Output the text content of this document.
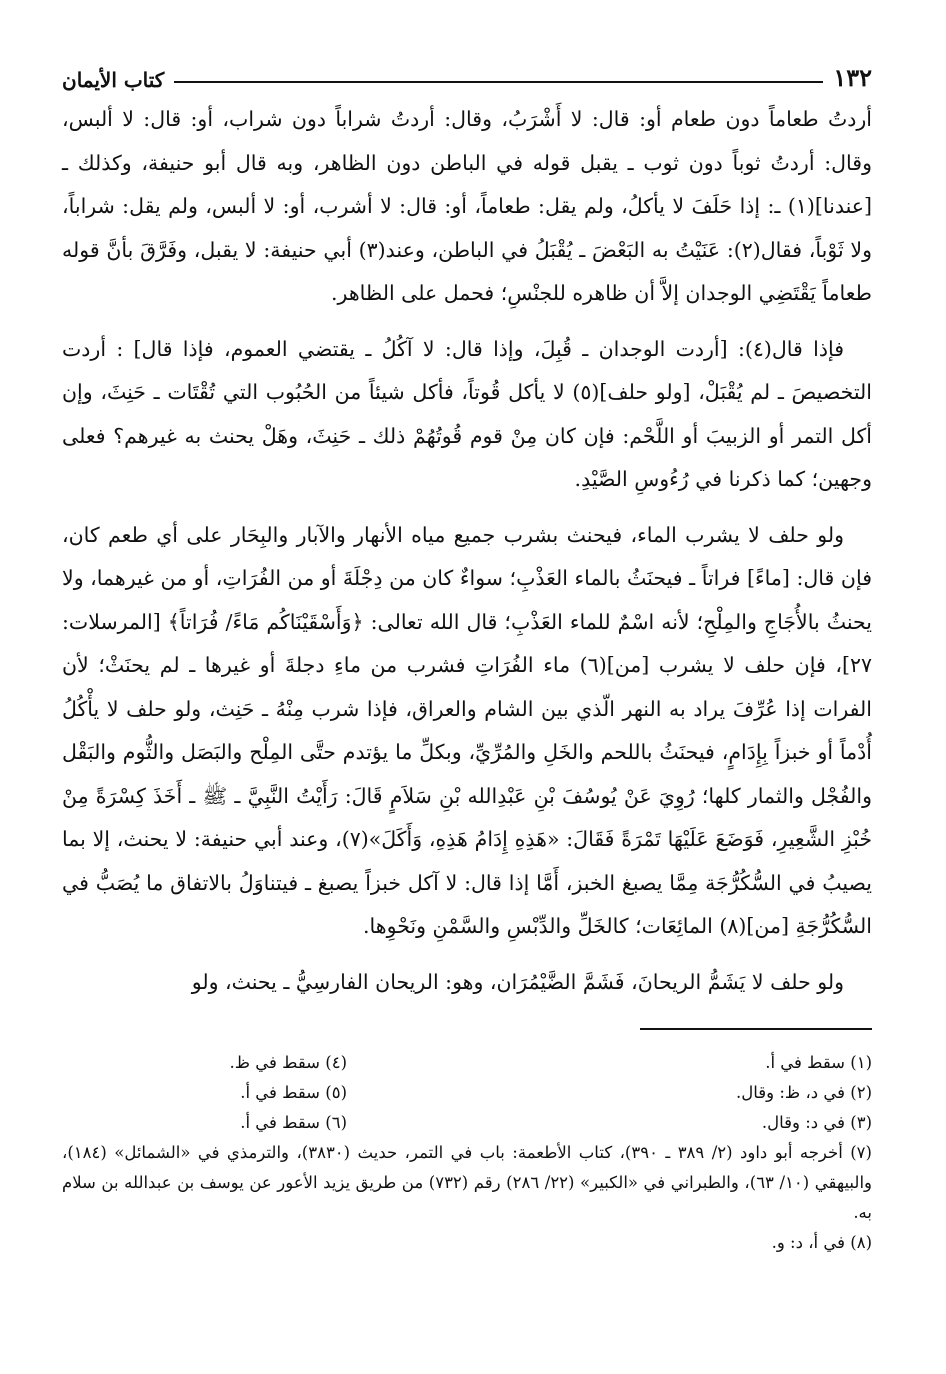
١٣٢
كتاب الأيمان

أردتُ طعاماً دون طعام أو: قال: لا أَشْرَبُ، وقال: أردتُ شراباً دون شراب، أو: قال: لا ألبس، وقال: أردتُ ثوباً دون ثوب ـ يقبل قوله في الباطن دون الظاهر، وبه قال أبو حنيفة، وكذلك ـ [عندنا](١) ـ: إذا حَلَفَ لا يأكلُ، ولم يقل: طعاماً، أو: قال: لا أشرب، أو: لا ألبس، ولم يقل: شراباً، ولا ثَوْباً، فقال(٢): عَنَيْتُ به البَعْضَ ـ يُقْبَلُ في الباطن، وعند(٣) أبي حنيفة: لا يقبل، وفَرَّقَ بأنَّ قوله طعاماً يَقْتَضِي الوجدان إلاَّ أن ظاهره للجنْسِ؛ فحمل على الظاهر.

فإذا قال(٤): [أردت الوجدان ـ قُبِلَ، وإذا قال: لا آكُلُ ـ يقتضي العموم، فإذا قال] : أردت التخصيصَ ـ لم يُقْبَلْ، [ولو حلف](٥) لا يأكل قُوتاً، فأكل شيئاً من الحُبُوب التي تُقْتَات ـ حَنِثَ، وإن أكل التمر أو الزبيبَ أو اللَّحْم: فإن كان مِنْ قوم قُوتُهُمْ ذلك ـ حَنِثَ، وهَلْ يحنث به غيرهم؟ فعلى وجهين؛ كما ذكرنا في رُءُوسِ الصَّيْدِ.

ولو حلف لا يشرب الماء، فيحنث بشرب جميع مياه الأنهار والآبار والبِحَار على أي طعم كان، فإن قال: [ماءً] فراتاً ـ فيحنَثُ بالماء العَذْبِ؛ سواءٌ كان من دِجْلَةَ أو من الفُرَاتِ، أو من غيرهما، ولا يحنثُ بالأُجَاجِ والمِلْحِ؛ لأنه اسْمٌ للماء العَذْبِ؛ قال الله تعالى: ﴿وَأَسْقَيْنَاكُم مَاءً/ فُرَاتاً﴾ [المرسلات: ٢٧]، فإن حلف لا يشرب [من](٦) ماء الفُرَاتِ فشرب من ماءِ دجلةَ أو غيرها ـ لم يحنَثْ؛ لأن الفرات إذا عُرِّفَ يراد به النهر الّذي بين الشام والعراق، فإذا شرب مِنْهُ ـ حَنِث، ولو حلف لا يأْكُلُ أُدْماً أو خبزاً بِإِدَامٍ، فيحنَثُ باللحم والخَلِ والمُرِّيِّ، وبكلِّ ما يؤتدم حتَّى المِلْح والبَصَل والثُّوم والبَقْل والفُجْل والثمار كلها؛ رُوِيَ عَنْ يُوسُفَ بْنِ عَبْدِالله بْنِ سَلاَمٍ قَالَ: رَأَيْتُ النَّبِيَّ ـ ﷺ ـ أَخَذَ كِسْرَةً مِنْ خُبْزِ الشَّعِيرِ، فَوَضَعَ عَلَيْهَا تَمْرَةً فَقَالَ: «هَذِهِ إِدَامُ هَذِهِ، وَأَكَلَ»(٧)، وعند أبي حنيفة: لا يحنث، إلا بما يصيبُ في السُّكُرُّجَة مِمَّا يصبغ الخبز، أَمَّا إذا قال: لا آكل خبزاً يصبغ ـ فيتناوَلُ بالاتفاق ما يُصَبُّ في السُّكُرُّجَةِ [من](٨) المائِعَات؛ كالخَلِّ والدِّبْسِ والسَّمْنِ ونَحْوِها.

ولو حلف لا يَشَمُّ الريحانَ، فَشَمَّ الضَّيْمُرَان، وهو: الريحان الفارسِيُّ ـ يحنث، ولو

(١) سقط في أ.

(٢) في د، ظ: وقال.

(٣) في د: وقال.

(٤) سقط في ظ.

(٥) سقط في أ.

(٦) سقط في أ.

(٧) أخرجه أبو داود (٢/ ٣٨٩ ـ ٣٩٠)، كتاب الأطعمة: باب في التمر، حديث (٣٨٣٠)، والترمذي في «الشمائل» (١٨٤)، والبيهقي (١٠/ ٦٣)، والطبراني في «الكبير» (٢٢/ ٢٨٦) رقم (٧٣٢) من طريق يزيد الأعور عن يوسف بن عبدالله بن سلام به.

(٨) في أ، د: و.
